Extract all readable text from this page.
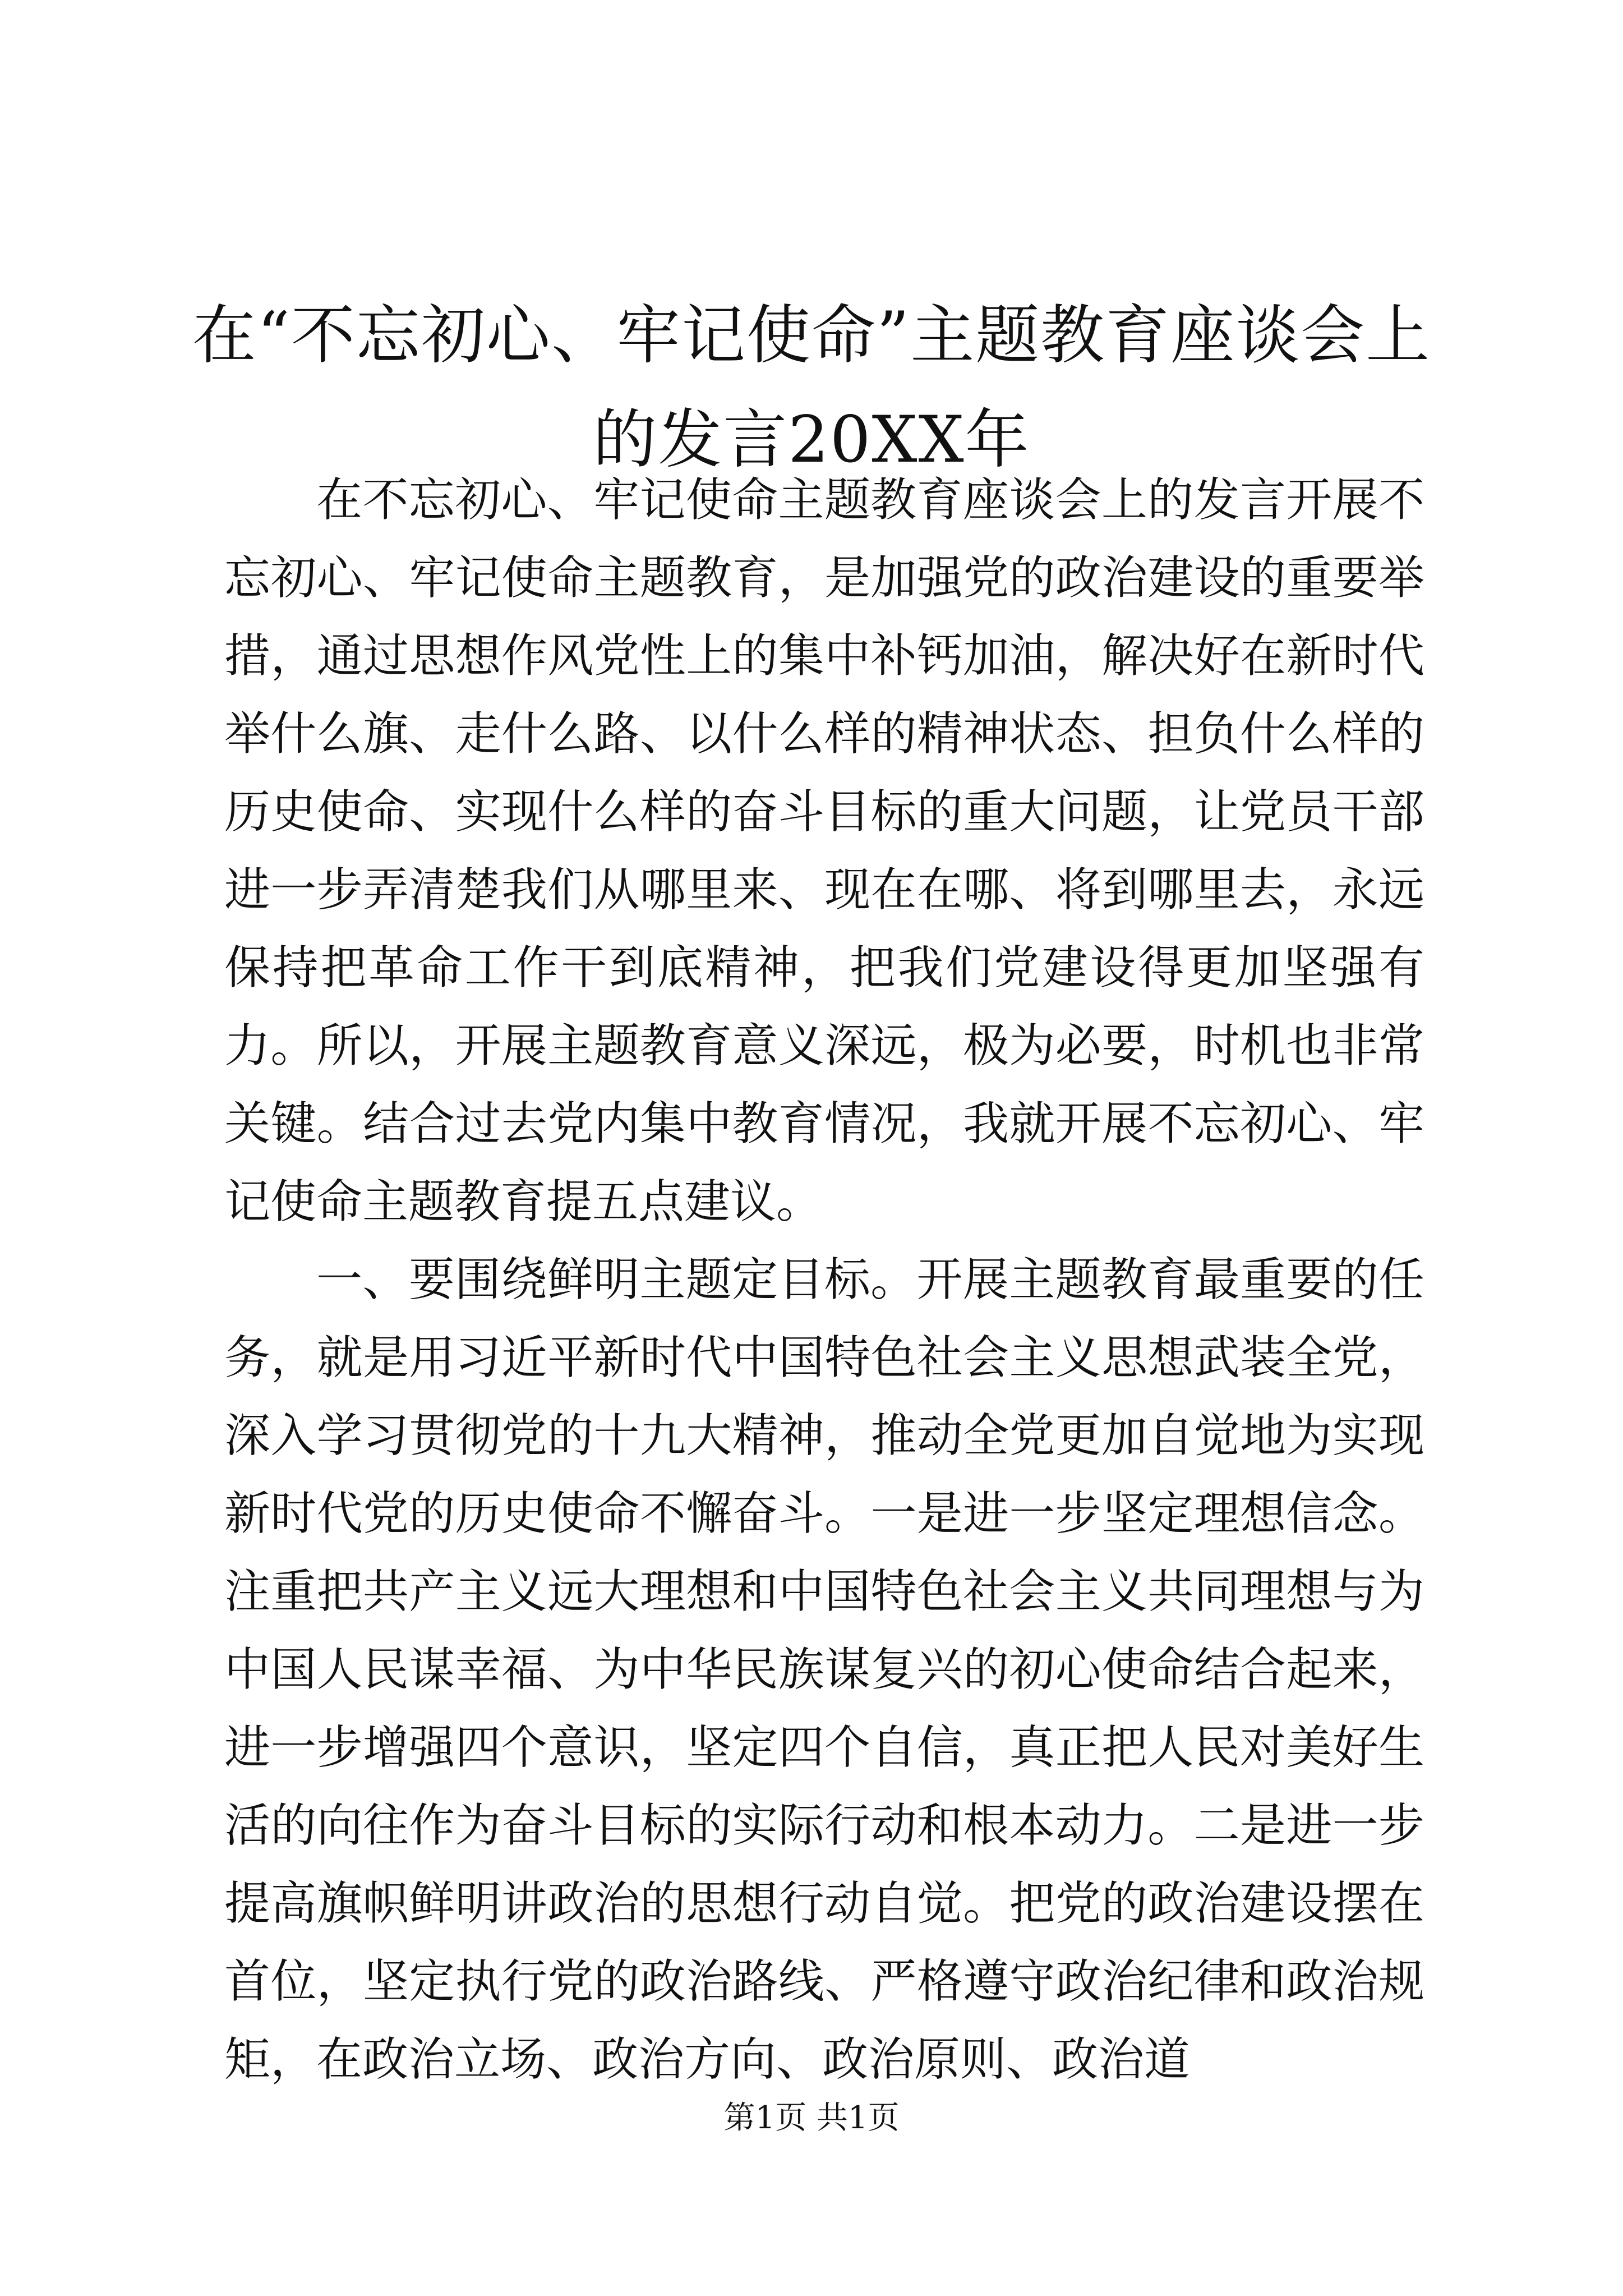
在“不忘初心、牢记使命”主题教育座谈会上的发言20XX年

在不忘初心、牢记使命主题教育座谈会上的发言开展不忘初心、牢记使命主题教育，是加强党的政治建设的重要举措，通过思想作风党性上的集中补钙加油，解决好在新时代举什么旗、走什么路、以什么样的精神状态、担负什么样的历史使命、实现什么样的奋斗目标的重大问题，让党员干部进一步弄清楚我们从哪里来、现在在哪、将到哪里去，永远保持把革命工作干到底精神，把我们党建设得更加坚强有力。所以，开展主题教育意义深远，极为必要，时机也非常关键。结合过去党内集中教育情况，我就开展不忘初心、牢记使命主题教育提五点建议。

一、要围绕鲜明主题定目标。开展主题教育最重要的任务，就是用习近平新时代中国特色社会主义思想武装全党，深入学习贯彻党的十九大精神，推动全党更加自觉地为实现新时代党的历史使命不懈奋斗。一是进一步坚定理想信念。注重把共产主义远大理想和中国特色社会主义共同理想与为中国人民谋幸福、为中华民族谋复兴的初心使命结合起来，进一步增强四个意识，坚定四个自信，真正把人民对美好生活的向往作为奋斗目标的实际行动和根本动力。二是进一步提高旗帜鲜明讲政治的思想行动自觉。把党的政治建设摆在首位，坚定执行党的政治路线、严格遵守政治纪律和政治规矩，在政治立场、政治方向、政治原则、政治道

第1页 共1页
